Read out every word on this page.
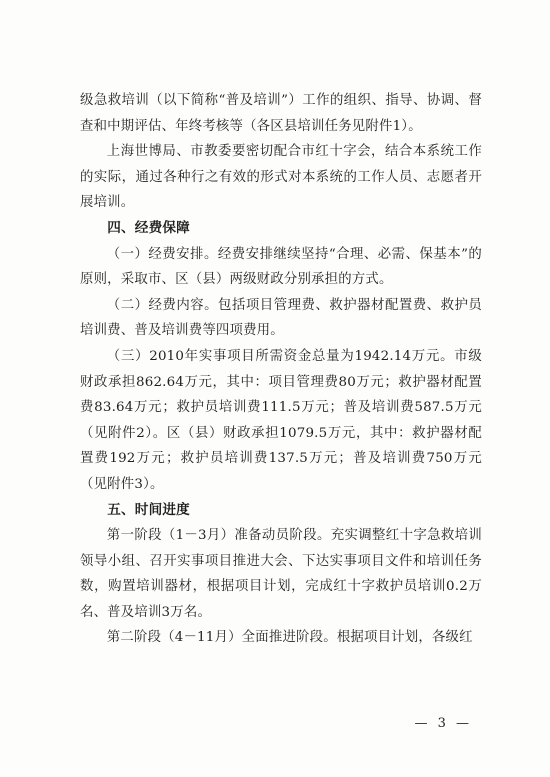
级急救培训（以下简称“普及培训”）工作的组织、指导、协调、督查和中期评估、年终考核等（各区县培训任务见附件1）。

上海世博局、市教委要密切配合市红十字会，结合本系统工作的实际，通过各种行之有效的形式对本系统的工作人员、志愿者开展培训。

四、经费保障

（一）经费安排。经费安排继续坚持“合理、必需、保基本”的原则，采取市、区（县）两级财政分别承担的方式。

（二）经费内容。包括项目管理费、救护器材配置费、救护员培训费、普及培训费等四项费用。

（三）2010年实事项目所需资金总量为1942.14万元。市级财政承担862.64万元，其中：项目管理费80万元；救护器材配置费83.64万元；救护员培训费111.5万元；普及培训费587.5万元（见附件2）。区（县）财政承担1079.5万元，其中：救护器材配置费192万元；救护员培训费137.5万元；普及培训费750万元（见附件3）。

五、时间进度

第一阶段（1－3月）准备动员阶段。充实调整红十字急救培训领导小组、召开实事项目推进大会、下达实事项目文件和培训任务数，购置培训器材，根据项目计划，完成红十字救护员培训0.2万名、普及培训3万名。

第二阶段（4－11月）全面推进阶段。根据项目计划，各级红

— 3 —
